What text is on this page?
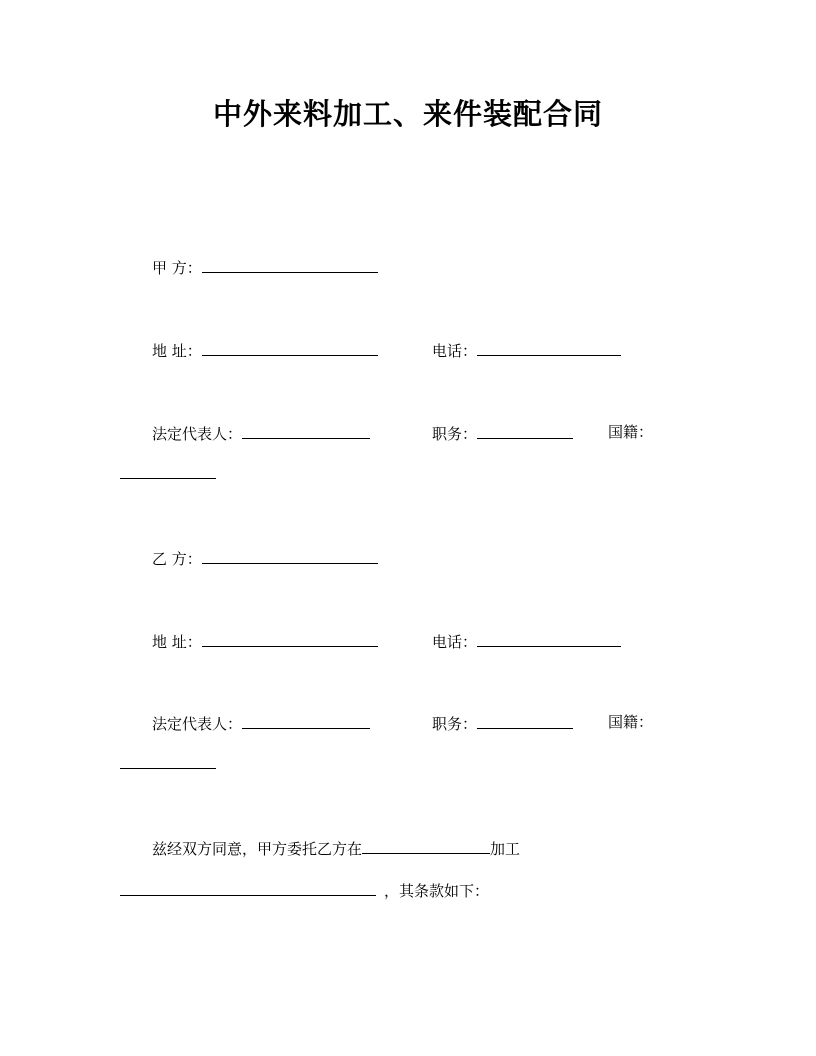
中外来料加工、来件装配合同
甲 方：
地 址：	电话：
法定代表人：	职务：	国籍：
乙 方：
地 址：	电话：
法定代表人：	职务：	国籍：
兹经双方同意，甲方委托乙方在	加工
，其条款如下：
